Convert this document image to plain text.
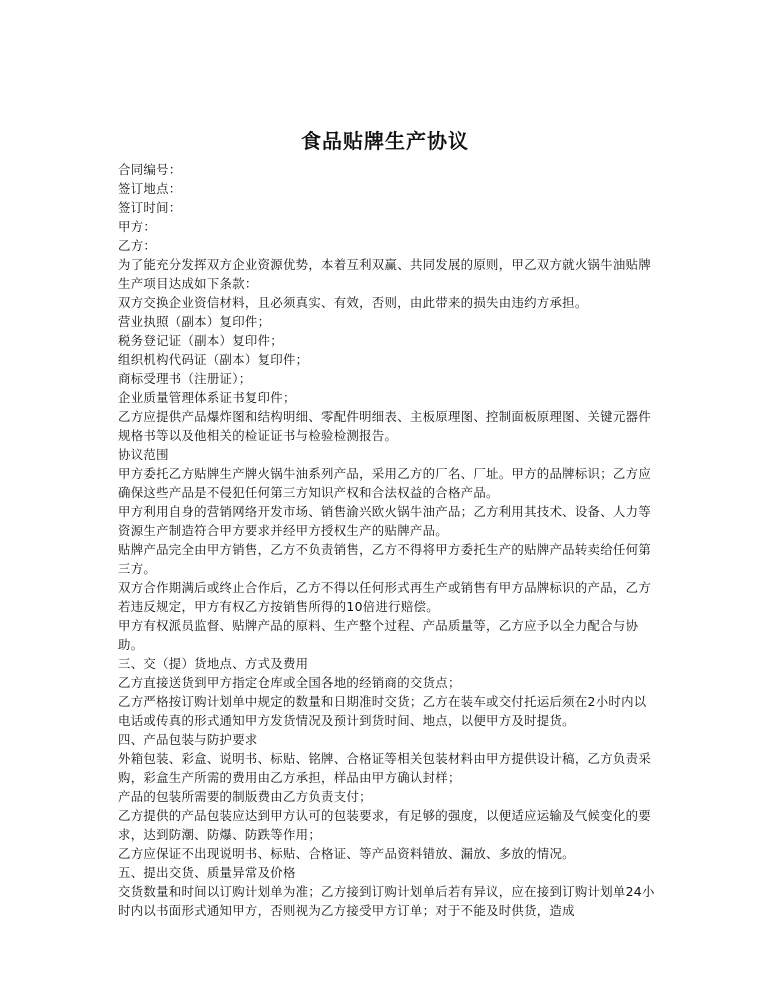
食品贴牌生产协议

合同编号：

签订地点：

签订时间：

甲方：

乙方：

为了能充分发挥双方企业资源优势，本着互利双赢、共同发展的原则，甲乙双方就火锅牛油贴牌生产项目达成如下条款：

双方交换企业资信材料，且必须真实、有效，否则，由此带来的损失由违约方承担。

营业执照（副本）复印件；

税务登记证（副本）复印件；

组织机构代码证（副本）复印件；

商标受理书（注册证）；

企业质量管理体系证书复印件；

乙方应提供产品爆炸图和结构明细、零配件明细表、主板原理图、控制面板原理图、关键元器件规格书等以及他相关的检证证书与检验检测报告。

协议范围

甲方委托乙方贴牌生产牌火锅牛油系列产品，采用乙方的厂名、厂址。甲方的品牌标识；乙方应确保这些产品是不侵犯任何第三方知识产权和合法权益的合格产品。

甲方利用自身的营销网络开发市场、销售渝兴欧火锅牛油产品；乙方利用其技术、设备、人力等资源生产制造符合甲方要求并经甲方授权生产的贴牌产品。

贴牌产品完全由甲方销售，乙方不负责销售，乙方不得将甲方委托生产的贴牌产品转卖给任何第三方。

双方合作期满后或终止合作后，乙方不得以任何形式再生产或销售有甲方品牌标识的产品，乙方若违反规定，甲方有权乙方按销售所得的10倍进行赔偿。

甲方有权派员监督、贴牌产品的原料、生产整个过程、产品质量等，乙方应予以全力配合与协助。

三、交（提）货地点、方式及费用

乙方直接送货到甲方指定仓库或全国各地的经销商的交货点；

乙方严格按订购计划单中规定的数量和日期准时交货；乙方在装车或交付托运后须在2小时内以电话或传真的形式通知甲方发货情况及预计到货时间、地点，以便甲方及时提货。

四、产品包装与防护要求

外箱包装、彩盒、说明书、标贴、铭牌、合格证等相关包装材料由甲方提供设计稿，乙方负责采购，彩盒生产所需的费用由乙方承担，样品由甲方确认封样；

产品的包装所需要的制版费由乙方负责支付；

乙方提供的产品包装应达到甲方认可的包装要求，有足够的强度，以便适应运输及气候变化的要求，达到防潮、防爆、防跌等作用；

乙方应保证不出现说明书、标贴、合格证、等产品资料错放、漏放、多放的情况。

五、提出交货、质量异常及价格

交货数量和时间以订购计划单为准；乙方接到订购计划单后若有异议，应在接到订购计划单24小时内以书面形式通知甲方，否则视为乙方接受甲方订单；对于不能及时供货，造成
